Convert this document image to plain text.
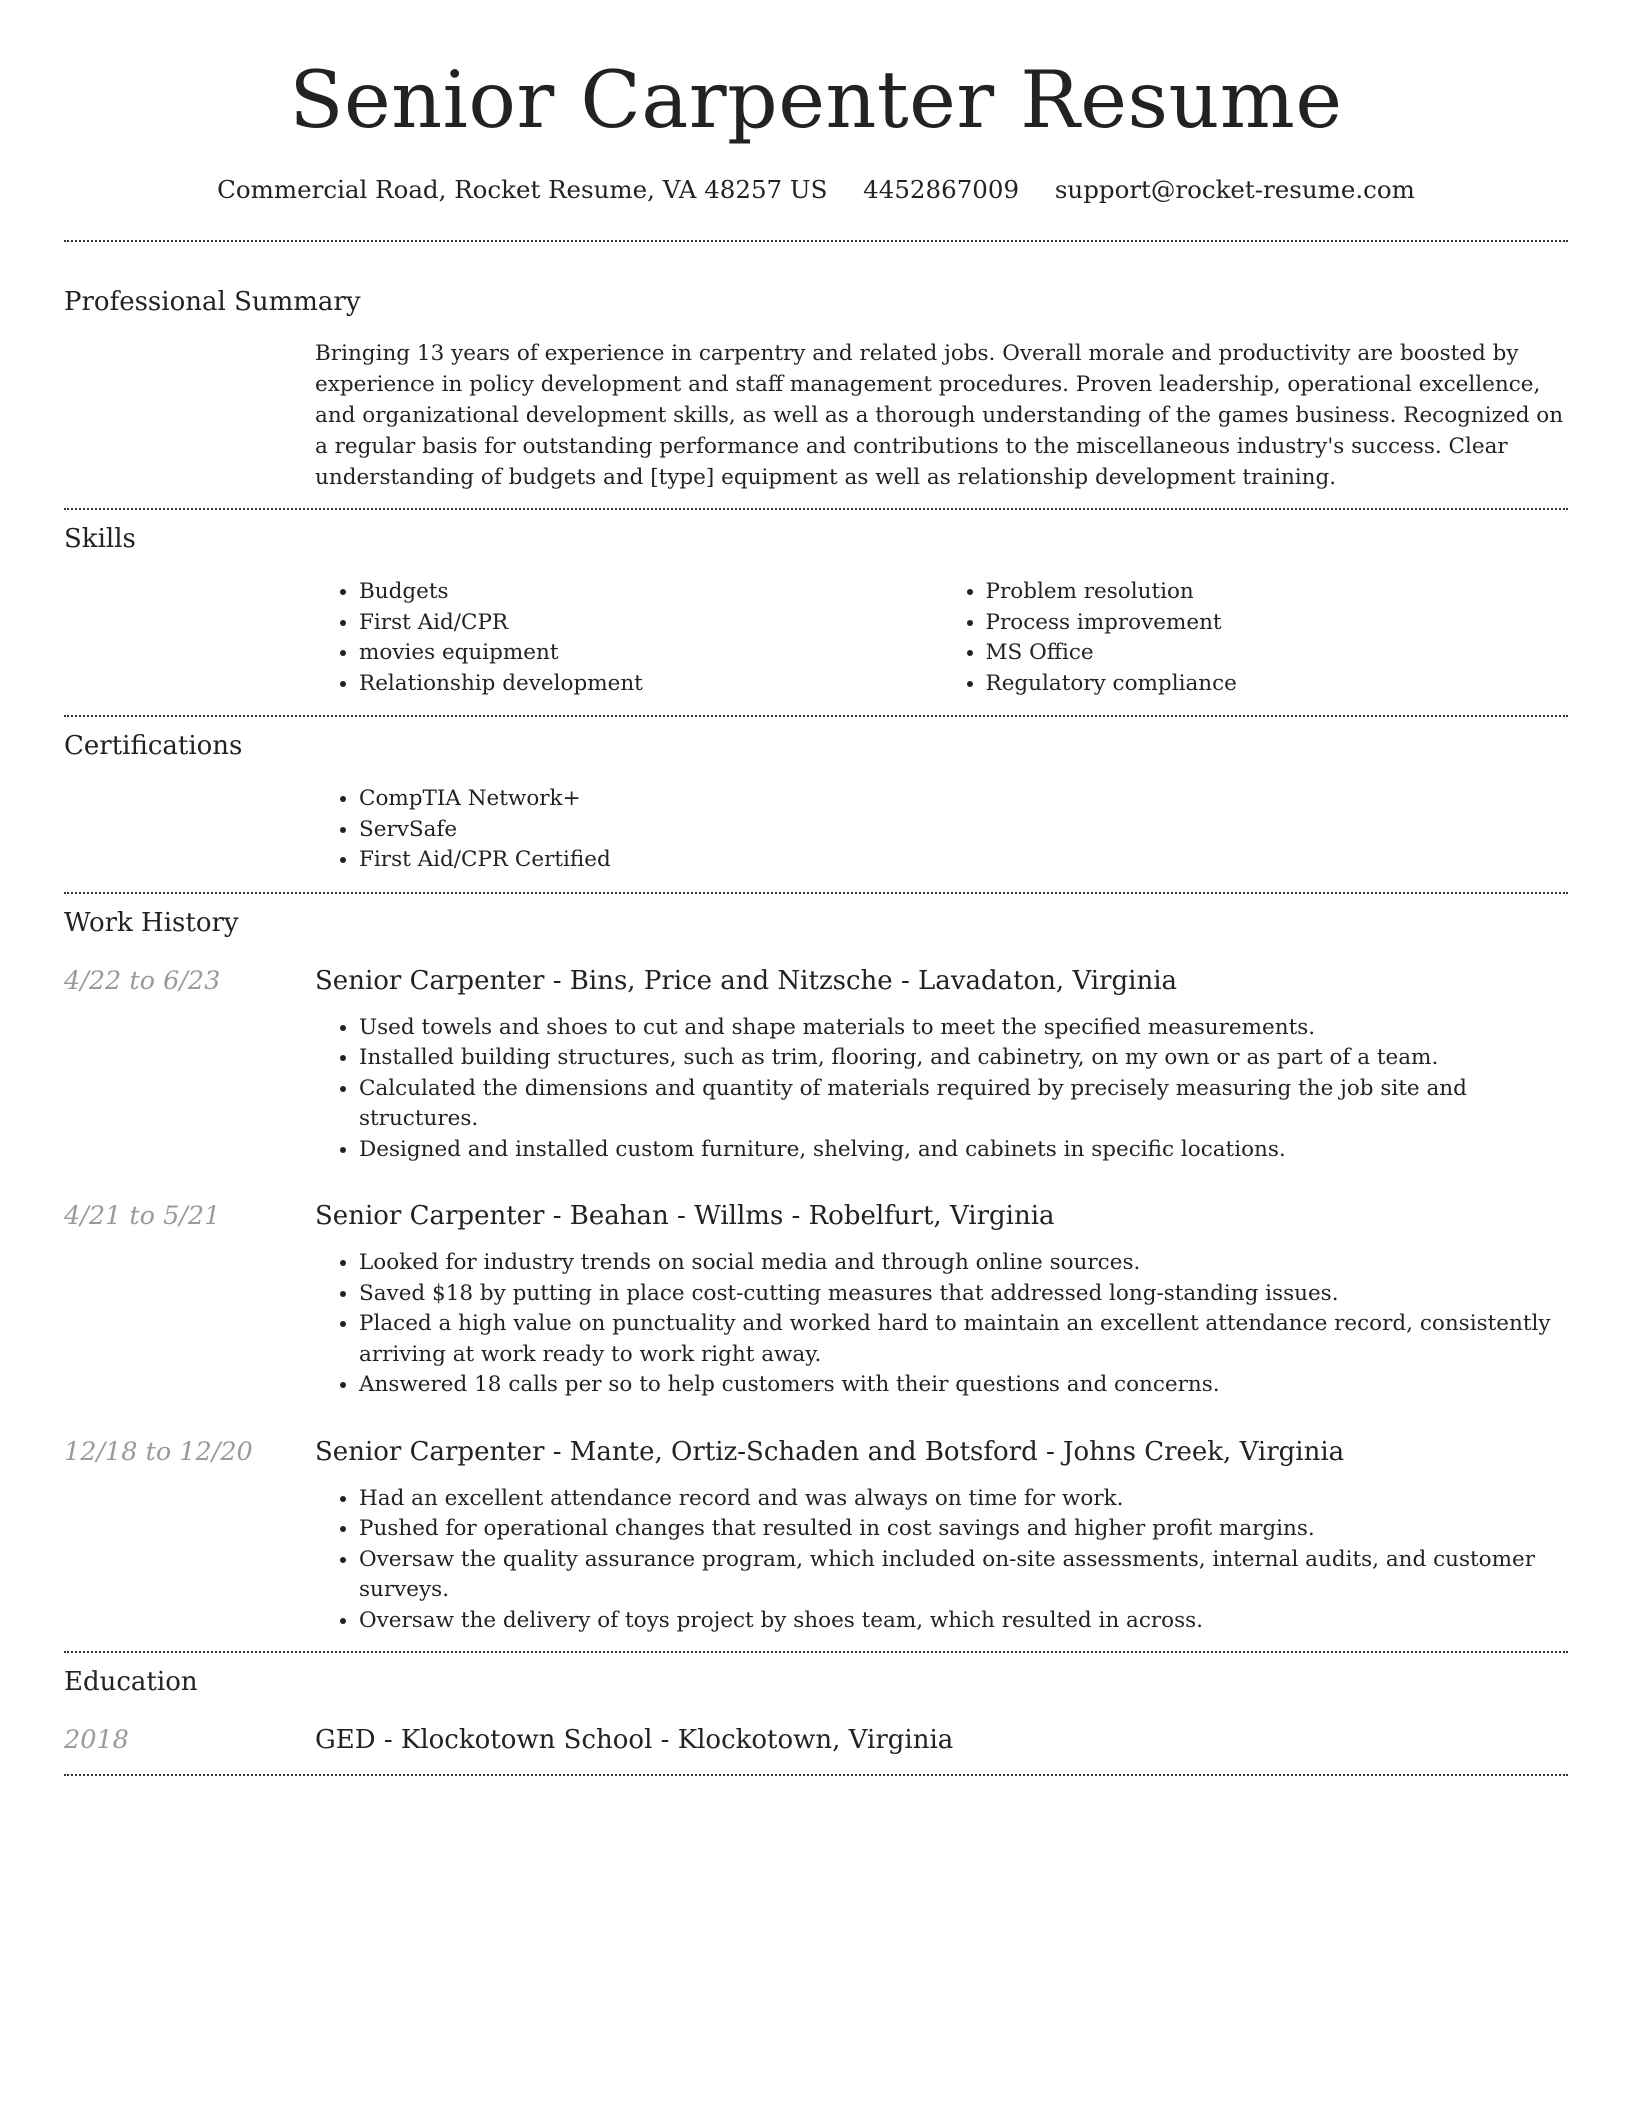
Senior Carpenter Resume
Commercial Road, Rocket Resume, VA 48257 US 4452867009 support@rocket-resume.com
Professional Summary
Bringing 13 years of experience in carpentry and related jobs. Overall morale and productivity are boosted by experience in policy development and staff management procedures. Proven leadership, operational excellence, and organizational development skills, as well as a thorough understanding of the games business. Recognized on a regular basis for outstanding performance and contributions to the miscellaneous industry's success. Clear understanding of budgets and [type] equipment as well as relationship development training.
Skills
• Budgets
• First Aid/CPR
• movies equipment
• Relationship development
• Problem resolution
• Process improvement
• MS Office
• Regulatory compliance
Certifications
• CompTIA Network+
• ServSafe
• First Aid/CPR Certified
Work History
4/22 to 6/23	Senior Carpenter - Bins, Price and Nitzsche - Lavadaton, Virginia
• Used towels and shoes to cut and shape materials to meet the specified measurements.
• Installed building structures, such as trim, flooring, and cabinetry, on my own or as part of a team.
• Calculated the dimensions and quantity of materials required by precisely measuring the job site and structures.
• Designed and installed custom furniture, shelving, and cabinets in specific locations.
4/21 to 5/21	Senior Carpenter - Beahan - Willms - Robelfurt, Virginia
• Looked for industry trends on social media and through online sources.
• Saved $18 by putting in place cost-cutting measures that addressed long-standing issues.
• Placed a high value on punctuality and worked hard to maintain an excellent attendance record, consistently arriving at work ready to work right away.
• Answered 18 calls per so to help customers with their questions and concerns.
12/18 to 12/20 Senior Carpenter - Mante, Ortiz-Schaden and Botsford - Johns Creek, Virginia
• Had an excellent attendance record and was always on time for work.
• Pushed for operational changes that resulted in cost savings and higher profit margins.
• Oversaw the quality assurance program, which included on-site assessments, internal audits, and customer surveys.
• Oversaw the delivery of toys project by shoes team, which resulted in across.
Education
2018	GED - Klockotown School - Klockotown, Virginia
